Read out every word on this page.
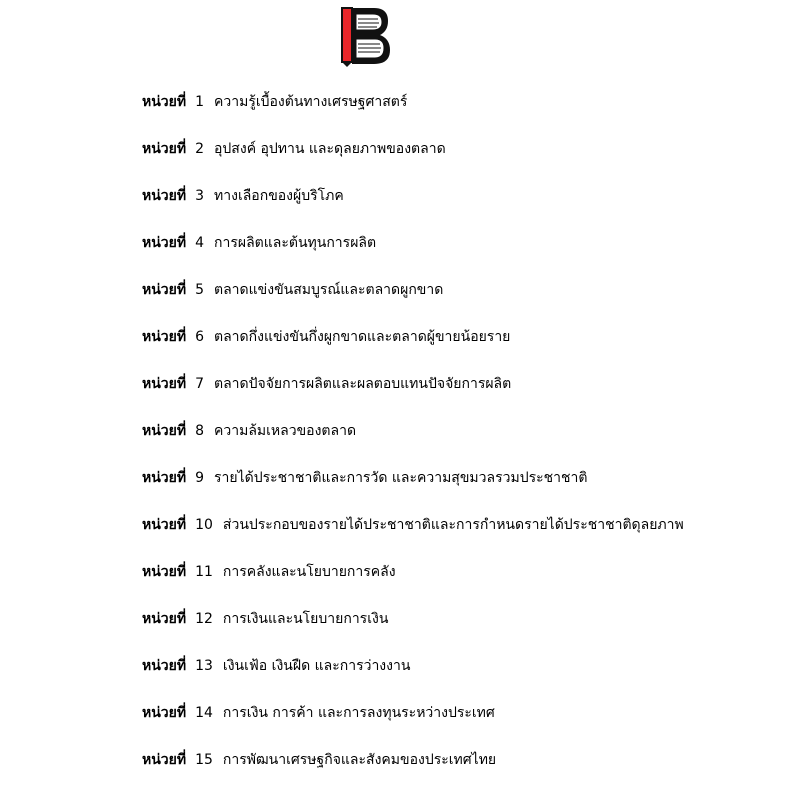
หน่วยที่ 1 ความรู้เบื้องต้นทางเศรษฐศาสตร์
หน่วยที่ 2 อุปสงค์ อุปทาน และดุลยภาพของตลาด
หน่วยที่ 3 ทางเลือกของผู้บริโภค
หน่วยที่ 4 การผลิตและต้นทุนการผลิต
หน่วยที่ 5 ตลาดแข่งขันสมบูรณ์และตลาดผูกขาด
หน่วยที่ 6 ตลาดกึ่งแข่งขันกึ่งผูกขาดและตลาดผู้ขายน้อยราย
หน่วยที่ 7 ตลาดปัจจัยการผลิตและผลตอบแทนปัจจัยการผลิต
หน่วยที่ 8 ความล้มเหลวของตลาด
หน่วยที่ 9 รายได้ประชาชาติและการวัด และความสุขมวลรวมประชาชาติ
หน่วยที่ 10 ส่วนประกอบของรายได้ประชาชาติและการกำหนดรายได้ประชาชาติดุลยภาพ
หน่วยที่ 11 การคลังและนโยบายการคลัง
หน่วยที่ 12 การเงินและนโยบายการเงิน
หน่วยที่ 13 เงินเฟ้อ เงินฝืด และการว่างงาน
หน่วยที่ 14 การเงิน การค้า และการลงทุนระหว่างประเทศ
หน่วยที่ 15 การพัฒนาเศรษฐกิจและสังคมของประเทศไทย
